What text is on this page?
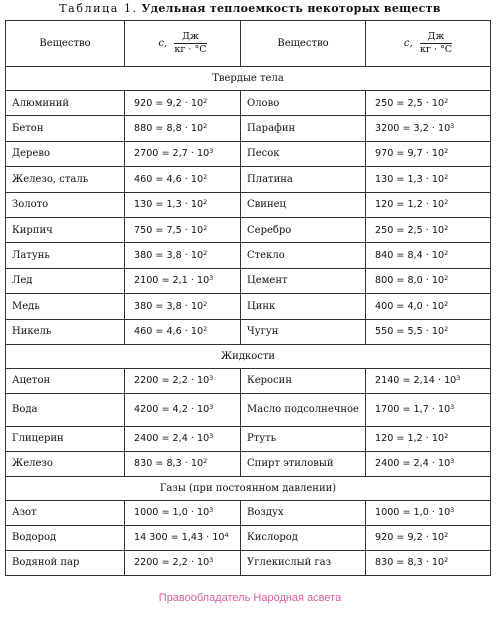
Таблица 1. Удельная теплоемкость некоторых веществ
Вещество	c, $\frac{Дж}{кг \cdot ^\circ С}$	Вещество	c, $\frac{Дж}{кг \cdot ^\circ С}$

Твердые тела			
Алюминий	$920 = 9,2 \cdot 10^2$	Олово	$250 = 2,5 \cdot 10^2$
Бетон	$880 = 8,8 \cdot 10^2$	Парафин	$3200 = 3,2 \cdot 10^3$
Дерево	$2700 = 2,7 \cdot 10^3$	Песок	$970 = 9,7 \cdot 10^2$
Железо, сталь	$460 = 4,6 \cdot 10^2$	Платина	$130 = 1,3 \cdot 10^2$
Золото	$130 = 1,3 \cdot 10^2$	Свинец	$120 = 1,2 \cdot 10^2$
Кирпич	$750 = 7,5 \cdot 10^2$	Серебро	$250 = 2,5 \cdot 10^2$
Латунь	$380 = 3,8 \cdot 10^2$	Стекло	$840 = 8,4 \cdot 10^2$
Лед	$2100 = 2,1 \cdot 10^3$	Цемент	$800 = 8,0 \cdot 10^2$
Медь	$380 = 3,8 \cdot 10^2$	Цинк	$400 = 4,0 \cdot 10^2$
Никель	$460 = 4,6 \cdot 10^2$	Чугун	$550 = 5,5 \cdot 10^2$
Жидкости			
Ацетон	$2200 = 2,2 \cdot 10^3$	Керосин	$2140 = 2,14 \cdot 10^3$
Вода	$4200 = 4,2 \cdot 10^3$	Масло подсолнечное	$1700 = 1,7 \cdot 10^3$
Глицерин	$2400 = 2,4 \cdot 10^3$	Ртуть	$120 = 1,2 \cdot 10^2$
Железо	$830 = 8,3 \cdot 10^2$	Спирт этиловый	$2400 = 2,4 \cdot 10^3$
Газы (при постоянном давлении)			
Азот	$1000 = 1,0 \cdot 10^3$	Воздух	$1000 = 1,0 \cdot 10^3$
Водород	14 $300 = 1,43 \cdot 10^4$	Кислород	$920 = 9,2 \cdot 10^2$
Водяной пар	$2200 = 2,2 \cdot 10^3$	Углекислый газ	$830 = 8,3 \cdot 10^2$
Правообладатель Народная асвета
